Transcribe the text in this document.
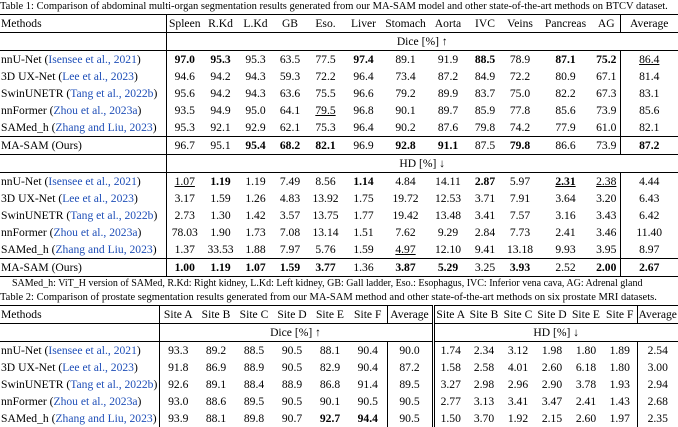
Table 1: Comparison of abdominal multi-organ segmentation results generated from our MA-SAM model and other state-of-the-art methods on BTCV dataset.
Methods	Spleen	R.Kd	L.Kd	GB	Eso.	Liver	Stomach	Aorta	IVC	Veins	Pancreas	AG	Average
	Dice [%] ↑												
nnU-Net (Isensee et al., 2021)	97.0	95.3	95.3	63.5	77.5	97.4	89.1	91.9	88.5	78.9	87.1	75.2	86.4
3D UX-Net (Lee et al., 2023)	94.6	94.2	94.3	59.3	72.2	96.4	73.4	87.2	84.9	72.2	80.9	67.1	81.4
SwinUNETR (Tang et al., 2022b)	95.6	94.2	94.3	63.6	75.5	96.6	79.2	89.9	83.7	75.0	82.2	67.3	83.1
nnFormer (Zhou et al., 2023a)	93.5	94.9	95.0	64.1	79.5	96.8	90.1	89.7	85.9	77.8	85.6	73.9	85.6
SAMed_h (Zhang and Liu, 2023)	95.3	92.1	92.9	62.1	75.3	96.4	90.2	87.6	79.8	74.2	77.9	61.0	82.1
MA-SAM (Ours)	96.7	95.1	95.4	68.2	82.1	96.9	92.8	91.1	87.5	79.8	86.6	73.9	87.2
	HD [%] ↓												
nnU-Net (Isensee et al., 2021)	1.07	1.19	1.19	7.49	8.56	1.14	4.84	14.11	2.87	5.97	2.31	2.38	4.44
3D UX-Net (Lee et al., 2023)	3.17	1.59	1.26	4.83	13.92	1.75	19.72	12.53	3.71	7.91	3.64	3.20	6.43
SwinUNETR (Tang et al., 2022b)	2.73	1.30	1.42	3.57	13.75	1.77	19.42	13.48	3.41	7.57	3.16	3.43	6.42
nnFormer (Zhou et al., 2023a)	78.03	1.90	1.73	7.08	13.14	1.51	7.62	9.29	2.84	7.73	2.41	3.46	11.40
SAMed_h (Zhang and Liu, 2023)	1.37	33.53	1.88	7.97	5.76	1.59	4.97	12.10	9.41	13.18	9.93	3.95	8.97
MA-SAM (Ours)	1.00	1.19	1.07	1.59	3.77	1.36	3.87	5.29	3.25	3.93	2.52	2.00	2.67
SAMed_h: ViT_H version of SAMed, R.Kd: Right kidney, L.Kd: Left kidney, GB: Gall ladder, Eso.: Esophagus, IVC: Inferior vena cava, AG: Adrenal gland
Table 2: Comparison of prostate segmentation results generated from our MA-SAM method and other state-of-the-art methods on six prostate MRI datasets.
Methods	Site A	Site B	Site C	Site D	Site E	Site F	Average	Site A	Site B	Site C	Site D	Site E	Site F	Average
	Dice [%] ↑							HD [%] ↓						
nnU-Net (Isensee et al., 2021)	93.3	89.2	88.5	90.5	88.1	90.4	90.0	1.74	2.34	3.12	1.98	1.80	1.89	2.54
3D UX-Net (Lee et al., 2023)	91.8	86.9	88.9	90.5	82.9	90.4	87.2	1.58	2.58	4.01	2.60	6.18	1.80	3.00
SwinUNETR (Tang et al., 2022b)	92.6	89.1	88.4	88.9	86.8	91.4	89.5	3.27	2.98	2.96	2.90	3.78	1.93	2.94
nnFormer (Zhou et al., 2023a)	93.0	88.6	89.5	90.5	90.1	90.5	90.5	2.77	3.13	3.41	3.47	2.41	1.43	2.68
SAMed_h (Zhang and Liu, 2023)	93.9	88.1	89.8	90.7	92.7	94.4	90.5	1.50	3.70	1.92	2.15	2.60	1.97	2.35
